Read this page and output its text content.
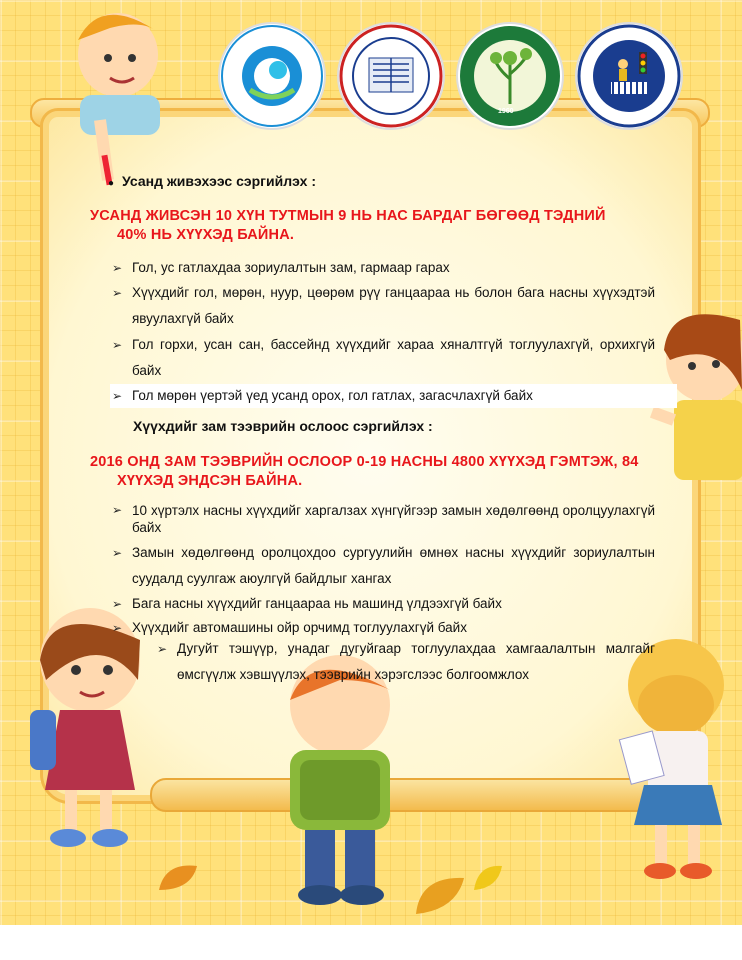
1960
● Усанд живэхээс сэргийлэх :
УСАНД ЖИВСЭН 10 ХҮН ТУТМЫН 9 НЬ НАС БАРДАГ БӨГӨӨД ТЭДНИЙ
40% НЬ ХҮҮХЭД БАЙНА.
➢ Гол, ус гатлахдаа зориулалтын зам, гармаар гарах
➢ Хүүхдийг гол, мөрөн, нуур, цөөрөм рүү ганцаараа нь болон бага насны хүүхэдтэй явуулахгүй байх
➢ Гол горхи, усан сан, бассейнд хүүхдийг хараа хяналтгүй тоглуулахгүй, орхихгүй байх
➢ Гол мөрөн үертэй үед усанд орох, гол гатлах, загасчлахгүй байх
Хүүхдийг зам тээврийн ослоос сэргийлэх :
2016 ОНД ЗАМ ТЭЭВРИЙН ОСЛООР 0-19 НАСНЫ 4800 ХҮҮХЭД ГЭМТЭЖ, 84
ХҮҮХЭД ЭНДСЭН БАЙНА.
➢ 10 хүртэлх насны хүүхдийг харгалзах хүнгүйгээр замын хөдөлгөөнд оролцуулахгүй байх
➢ Замын хөдөлгөөнд оролцохдоо сургуулийн өмнөх насны хүүхдийг зориулалтын суудалд суулгаж аюулгүй байдлыг хангах
➢ Бага насны хүүхдийг ганцаараа нь машинд үлдээхгүй байх
➢ Хүүхдийг автомашины ойр орчимд тоглуулахгүй байх
➢ Дугуйт тэшүүр, унадаг дугуйгаар тоглуулахдаа хамгаалалтын малгайг өмсгүүлж хэвшүүлэх, тээврийн хэрэгслээс болгоомжлох
